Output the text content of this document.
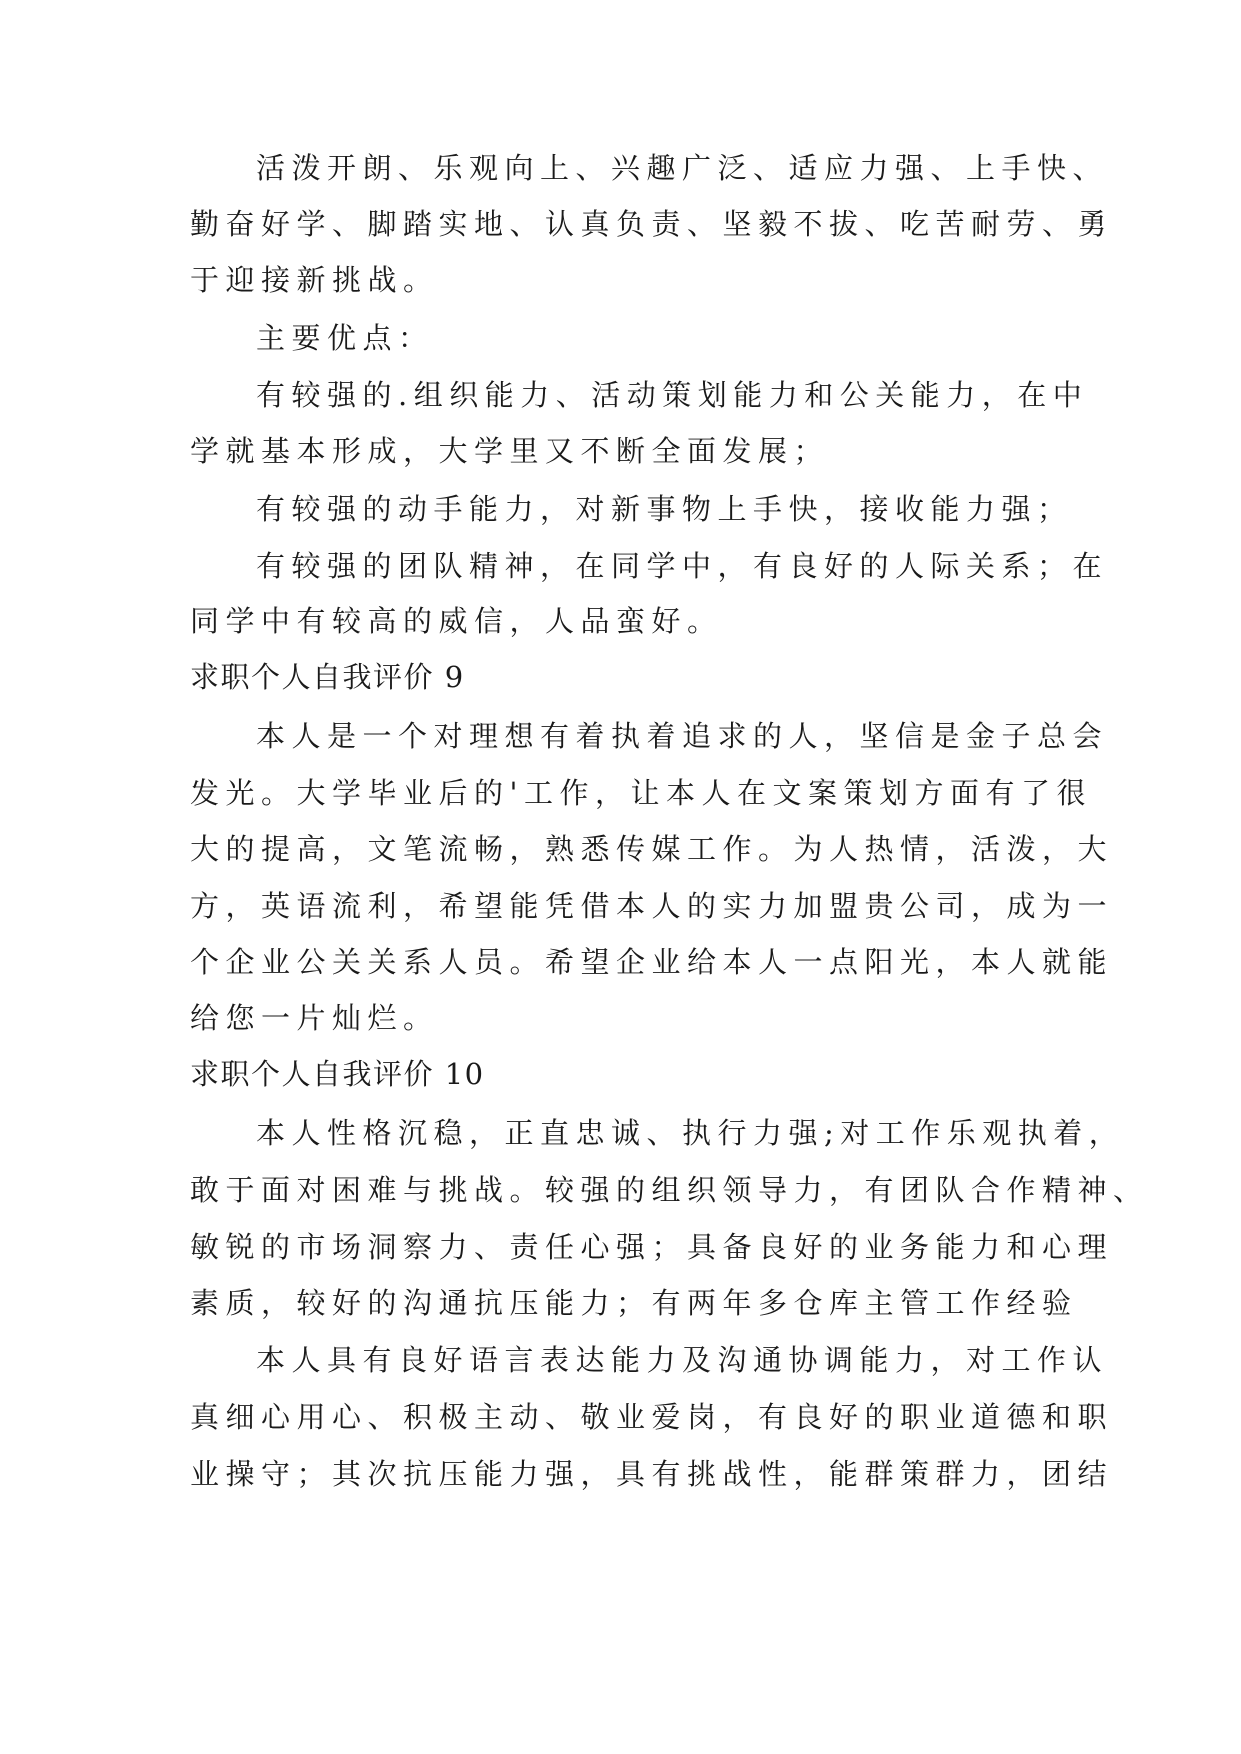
活泼开朗、乐观向上、兴趣广泛、适应力强、上手快、
勤奋好学、脚踏实地、认真负责、坚毅不拔、吃苦耐劳、勇
于迎接新挑战。
主要优点：
有较强的.组织能力、活动策划能力和公关能力，在中
学就基本形成，大学里又不断全面发展；
有较强的动手能力，对新事物上手快，接收能力强；
有较强的团队精神，在同学中，有良好的人际关系；在
同学中有较高的威信，人品蛮好。
求职个人自我评价 9
本人是一个对理想有着执着追求的人，坚信是金子总会
发光。大学毕业后的'工作，让本人在文案策划方面有了很
大的提高，文笔流畅，熟悉传媒工作。为人热情，活泼，大
方，英语流利，希望能凭借本人的实力加盟贵公司，成为一
个企业公关关系人员。希望企业给本人一点阳光，本人就能
给您一片灿烂。
求职个人自我评价 10
本人性格沉稳，正直忠诚、执行力强;对工作乐观执着，
敢于面对困难与挑战。较强的组织领导力，有团队合作精神、
敏锐的市场洞察力、责任心强；具备良好的业务能力和心理
素质，较好的沟通抗压能力；有两年多仓库主管工作经验
本人具有良好语言表达能力及沟通协调能力，对工作认
真细心用心、积极主动、敬业爱岗，有良好的职业道德和职
业操守；其次抗压能力强，具有挑战性，能群策群力，团结
